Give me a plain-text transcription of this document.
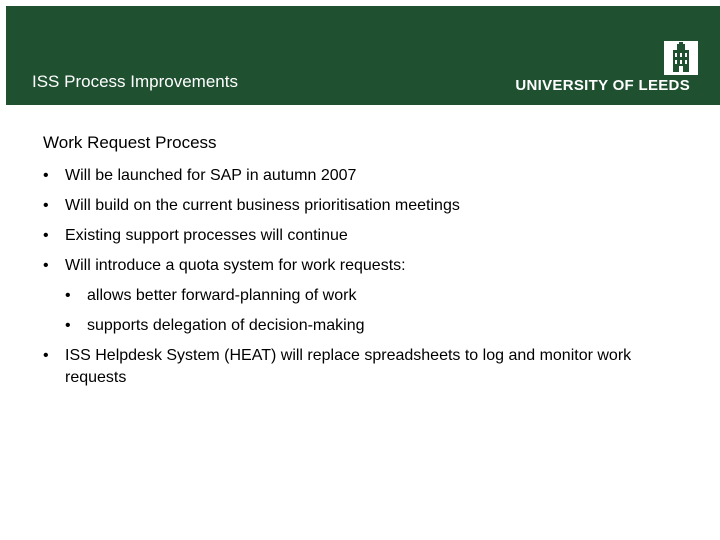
ISS Process Improvements	UNIVERSITY OF LEEDS
Work Request Process
•	Will be launched for SAP in autumn 2007
•	Will build on the current business prioritisation meetings
•	Existing support processes will continue
•	Will introduce a quota system for work requests:
•	allows better forward-planning of work
•	supports delegation of decision-making
•	ISS Helpdesk System (HEAT) will replace spreadsheets to log and monitor work requests
